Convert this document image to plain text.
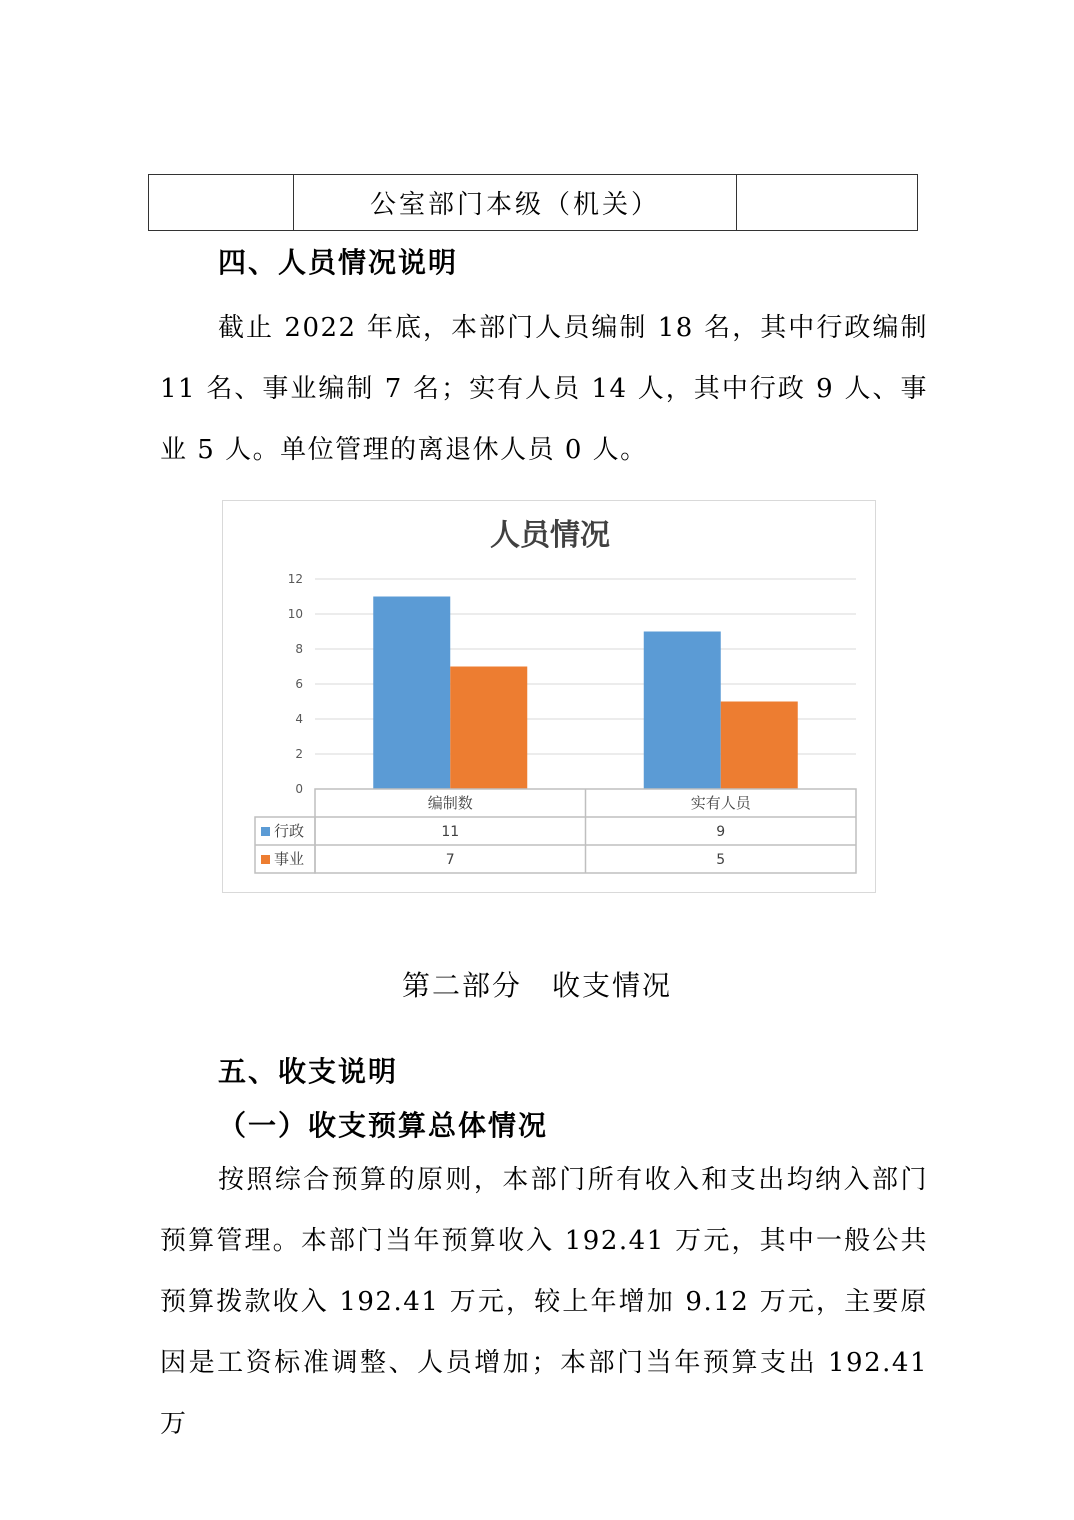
公室部门本级（机关）
四、人员情况说明
截止 2022 年底，本部门人员编制 18 名，其中行政编制 11 名、事业编制 7 名；实有人员 14 人，其中行政 9 人、事业 5 人。单位管理的离退休人员 0 人。
人员情况
0
2
4
6
8
10
12
编制数
11
7
实有人员
9
5
行政
事业
第二部分　收支情况
五、收支说明
（一）收支预算总体情况
按照综合预算的原则，本部门所有收入和支出均纳入部门预算管理。本部门当年预算收入 192.41 万元，其中一般公共预算拨款收入 192.41 万元，较上年增加 9.12 万元，主要原因是工资标准调整、人员增加；本部门当年预算支出 192.41 万
